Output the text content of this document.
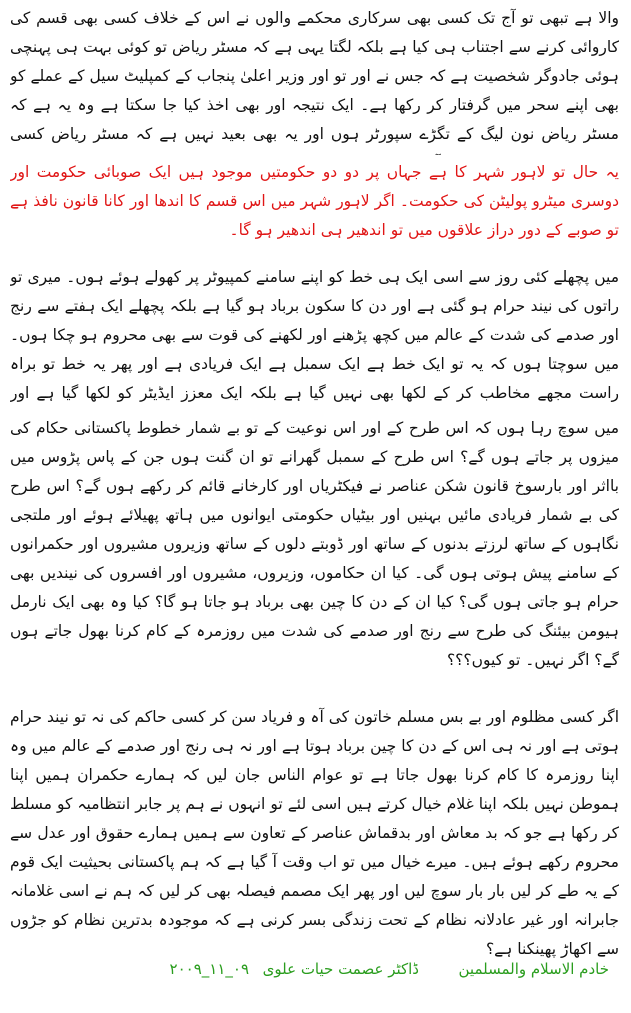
والا ہے تبھی تو آج تک کسی بھی سرکاری محکمے والوں نے اس کے خلاف کسی بھی قسم کی کاروائی کرنے سے اجتناب ہی کیا ہے بلکہ لگتا یہی ہے کہ مسٹر ریاض تو کوئی بہت ہی پہنچی ہوئی جادوگر شخصیت ہے کہ جس نے اور تو اور وزیر اعلیٰ پنجاب کے کمپلیٹ سیل کے عملے کو بھی اپنے سحر میں گرفتار کر رکھا ہے۔ ایک نتیجہ اور بھی اخذ کیا جا سکتا ہے وہ یہ ہے کہ مسٹر ریاض نون لیگ کے تگڑے سپورٹر ہوں اور یہ بھی بعید نہیں ہے کہ مسٹر ریاض کسی

یہ حال تو لاہور شہر کا ہے جہاں پر دو دو حکومتیں موجود ہیں ایک صوبائی حکومت اور دوسری میٹرو پولیٹن کی حکومت۔ اگر لاہور شہر میں اس قسم کا اندھا اور کانا قانون نافذ ہے تو صوبے کے دور دراز علاقوں میں تو اندھیر ہی اندھیر ہو گا۔

میں پچھلے کئی روز سے اسی ایک ہی خط کو اپنے سامنے کمپیوٹر پر کھولے ہوئے ہوں۔ میری تو راتوں کی نیند حرام ہو گئی ہے اور دن کا سکون برباد ہو گیا ہے بلکہ پچھلے ایک ہفتے سے رنج اور صدمے کی شدت کے عالم میں کچھ پڑھنے اور لکھنے کی قوت سے بھی محروم ہو چکا ہوں۔ میں سوچتا ہوں کہ یہ تو ایک خط ہے ایک سمبل ہے ایک فریادی ہے اور پھر یہ خط تو براہ راست مجھے مخاطب کر کے لکھا بھی نہیں گیا ہے بلکہ ایک معزز ایڈیٹر کو لکھا گیا ہے اور

میں سوچ رہا ہوں کہ اس طرح کے اور اس نوعیت کے تو بے شمار خطوط پاکستانی حکام کی میزوں پر جاتے ہوں گے؟ اس طرح کے سمبل گھرانے تو ان گنت ہوں جن کے پاس پڑوس میں بااثر اور بارسوخ قانون شکن عناصر نے فیکٹریاں اور کارخانے قائم کر رکھے ہوں گے؟ اس طرح کی بے شمار فریادی مائیں بہنیں اور بیٹیاں حکومتی ایوانوں میں ہاتھ پھیلائے ہوئے اور ملتجی نگاہوں کے ساتھ لرزتے بدنوں کے ساتھ اور ڈوبتے دلوں کے ساتھ وزیروں مشیروں اور حکمرانوں کے سامنے پیش ہوتی ہوں گی۔ کیا ان حکاموں، وزیروں، مشیروں اور افسروں کی نیندیں بھی حرام ہو جاتی ہوں گی؟ کیا ان کے دن کا چین بھی برباد ہو جاتا ہو گا؟ کیا وہ بھی ایک نارمل ہیومن بیئنگ کی طرح سے رنج اور صدمے کی شدت میں روزمرہ کے کام کرنا بھول جاتے ہوں گے؟ اگر نہیں۔ تو کیوں؟؟؟

اگر کسی مظلوم اور بے بس مسلم خاتون کی آہ و فریاد سن کر کسی حاکم کی نہ تو نیند حرام ہوتی ہے اور نہ ہی اس کے دن کا چین برباد ہوتا ہے اور نہ ہی رنج اور صدمے کے عالم میں وہ اپنا روزمرہ کا کام کرنا بھول جاتا ہے تو عوام الناس جان لیں کہ ہمارے حکمران ہمیں اپنا ہموطن نہیں بلکہ اپنا غلام خیال کرتے ہیں اسی لئے تو انہوں نے ہم پر جابر انتظامیہ کو مسلط کر رکھا ہے جو کہ بد معاش اور بدقماش عناصر کے تعاون سے ہمیں ہمارے حقوق اور عدل سے محروم رکھے ہوئے ہیں۔ میرے خیال میں تو اب وقت آ گیا ہے کہ ہم پاکستانی بحیثیت ایک قوم کے یہ طے کر لیں بار بار سوچ لیں اور پھر ایک مصمم فیصلہ بھی کر لیں کہ ہم نے اسی غلامانہ جابرانہ اور غیر عادلانہ نظام کے تحت زندگی بسر کرنی ہے کہ موجودہ بدترین نظام کو جڑوں سے اکھاڑ پھینکنا ہے؟

خادم الاسلام والمسلمین
ڈاکٹر عصمت حیات علوی
۲۰۰۹_۱۱_۰۹
